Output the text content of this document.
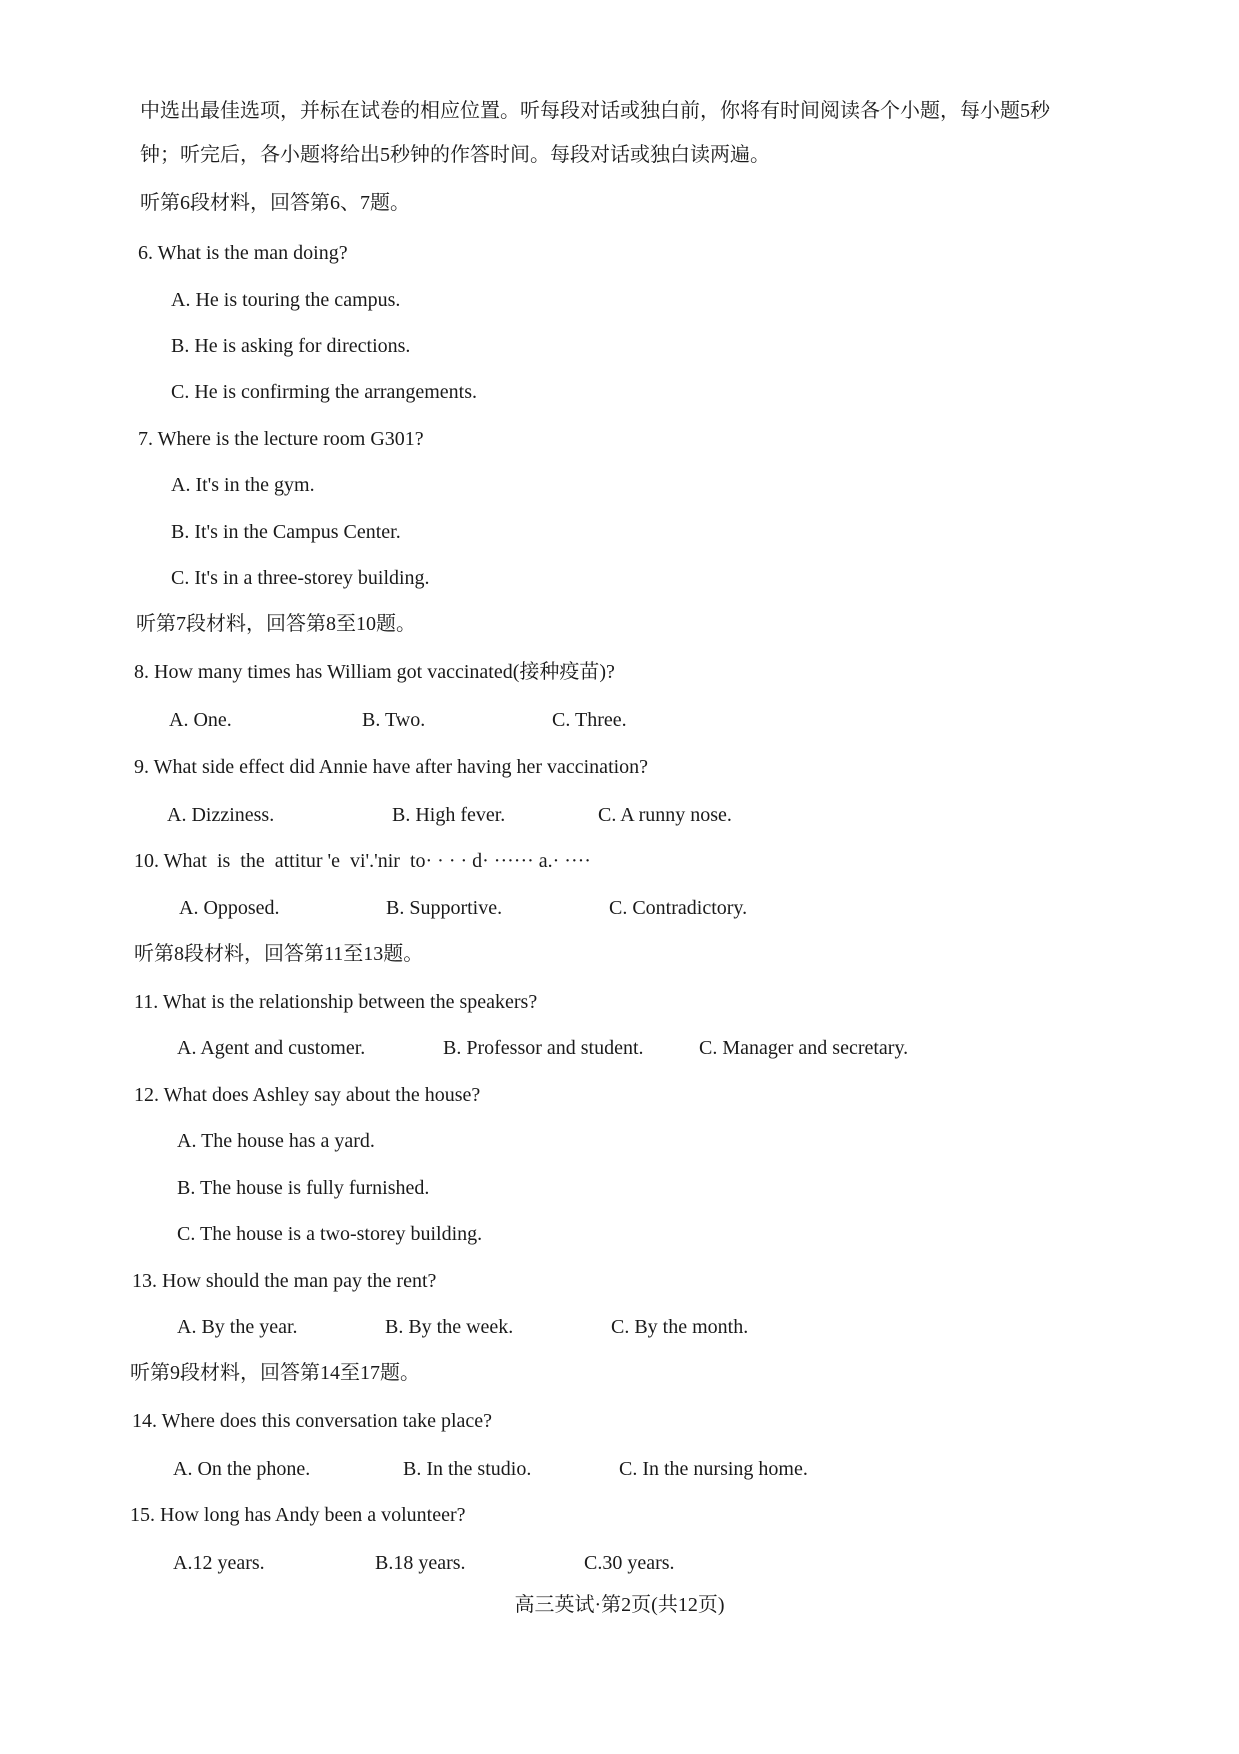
中选出最佳选项，并标在试卷的相应位置。听每段对话或独白前，你将有时间阅读各个小题，每小题5秒
钟；听完后，各小题将给出5秒钟的作答时间。每段对话或独白读两遍。
听第6段材料，回答第6、7题。
6. What is the man doing?
A. He is touring the campus.
B. He is asking for directions.
C. He is confirming the arrangements.
7. Where is the lecture room G301?
A. It's in the gym.
B. It's in the Campus Center.
C. It's in a three-storey building.
听第7段材料，回答第8至10题。
8. How many times has William got vaccinated(接种疫苗)?
A. One.	B. Two.	C. Three.
9. What side effect did Annie have after having her vaccination?
A. Dizziness.	B. High fever.	C. A runny nose.
10. What  is  the  attitur 'e  vi'.'nir  to· · · · d· ······ a.· ····
A. Opposed.	B. Supportive.	C. Contradictory.
听第8段材料，回答第11至13题。
11. What is the relationship between the speakers?
A. Agent and customer.	B. Professor and student.	C. Manager and secretary.
12. What does Ashley say about the house?
A. The house has a yard.
B. The house is fully furnished.
C. The house is a two-storey building.
13. How should the man pay the rent?
A. By the year.	B. By the week.	C. By the month.
听第9段材料，回答第14至17题。
14. Where does this conversation take place?
A. On the phone.	B. In the studio.	C. In the nursing home.
15. How long has Andy been a volunteer?
A.12 years.	B.18 years.	C.30 years.
高三英试·第2页(共12页)
